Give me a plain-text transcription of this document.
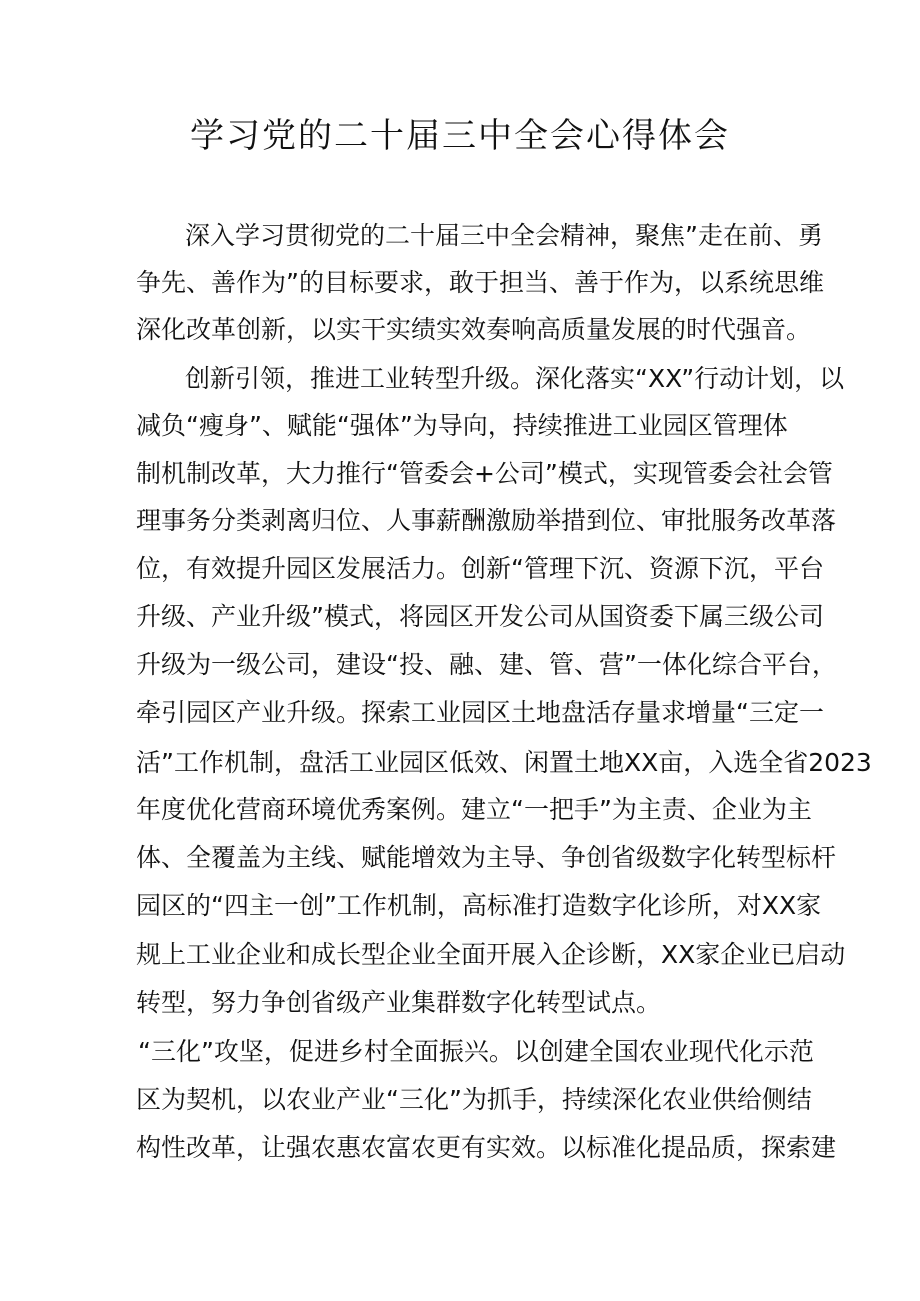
学习党的二十届三中全会心得体会

深入学习贯彻党的二十届三中全会精神，聚焦”走在前、勇

争先、善作为”的目标要求，敢于担当、善于作为，以系统思维

深化改革创新，以实干实绩实效奏响高质量发展的时代强音。

创新引领，推进工业转型升级。深化落实“XX”行动计划，以

减负“瘦身”、赋能“强体”为导向，持续推进工业园区管理体

制机制改革，大力推行“管委会+公司”模式，实现管委会社会管

理事务分类剥离归位、人事薪酬激励举措到位、审批服务改革落

位，有效提升园区发展活力。创新“管理下沉、资源下沉，平台

升级、产业升级”模式，将园区开发公司从国资委下属三级公司

升级为一级公司，建设“投、融、建、管、营”一体化综合平台，

牵引园区产业升级。探索工业园区土地盘活存量求增量“三定一

活”工作机制，盘活工业园区低效、闲置土地XX亩，入选全省2023

年度优化营商环境优秀案例。建立“一把手”为主责、企业为主

体、全覆盖为主线、赋能增效为主导、争创省级数字化转型标杆

园区的“四主一创”工作机制，高标准打造数字化诊所，对XX家

规上工业企业和成长型企业全面开展入企诊断，XX家企业已启动

转型，努力争创省级产业集群数字化转型试点。

“三化”攻坚，促进乡村全面振兴。以创建全国农业现代化示范

区为契机，以农业产业“三化”为抓手，持续深化农业供给侧结

构性改革，让强农惠农富农更有实效。以标准化提品质，探索建
